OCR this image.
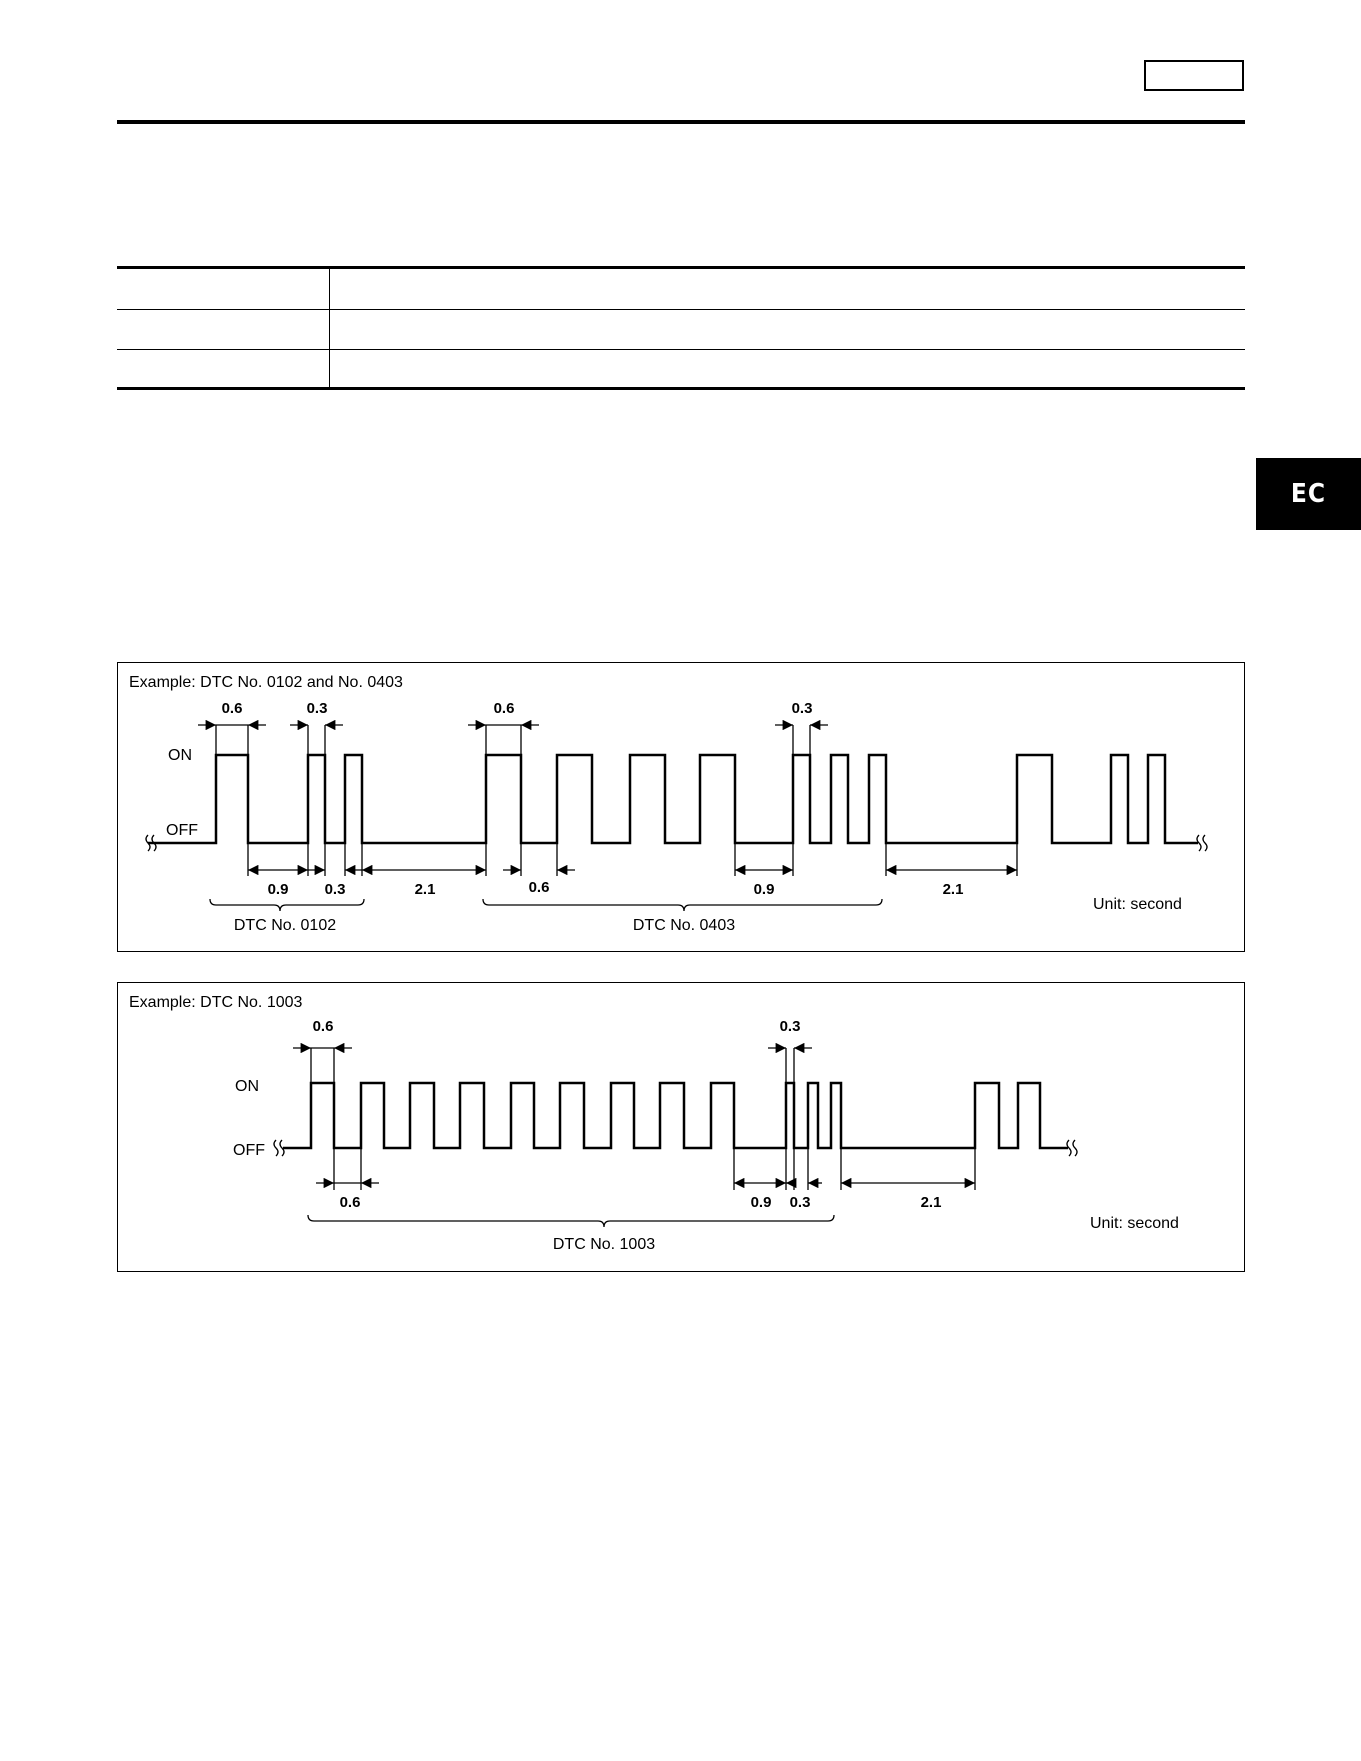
EC
Example: DTC No. 0102 and No. 0403
ON
OFF
Unit: second
0.6	0.3	0.6	0.3
0.9 0.3	2.1	0.6	0.9	2.1
DTC No. 0102	DTC No. 0403
Example: DTC No. 1003
ON
OFF
Unit: second
0.6	0.3
0.6	0.9 0.3	2.1
DTC No. 1003
